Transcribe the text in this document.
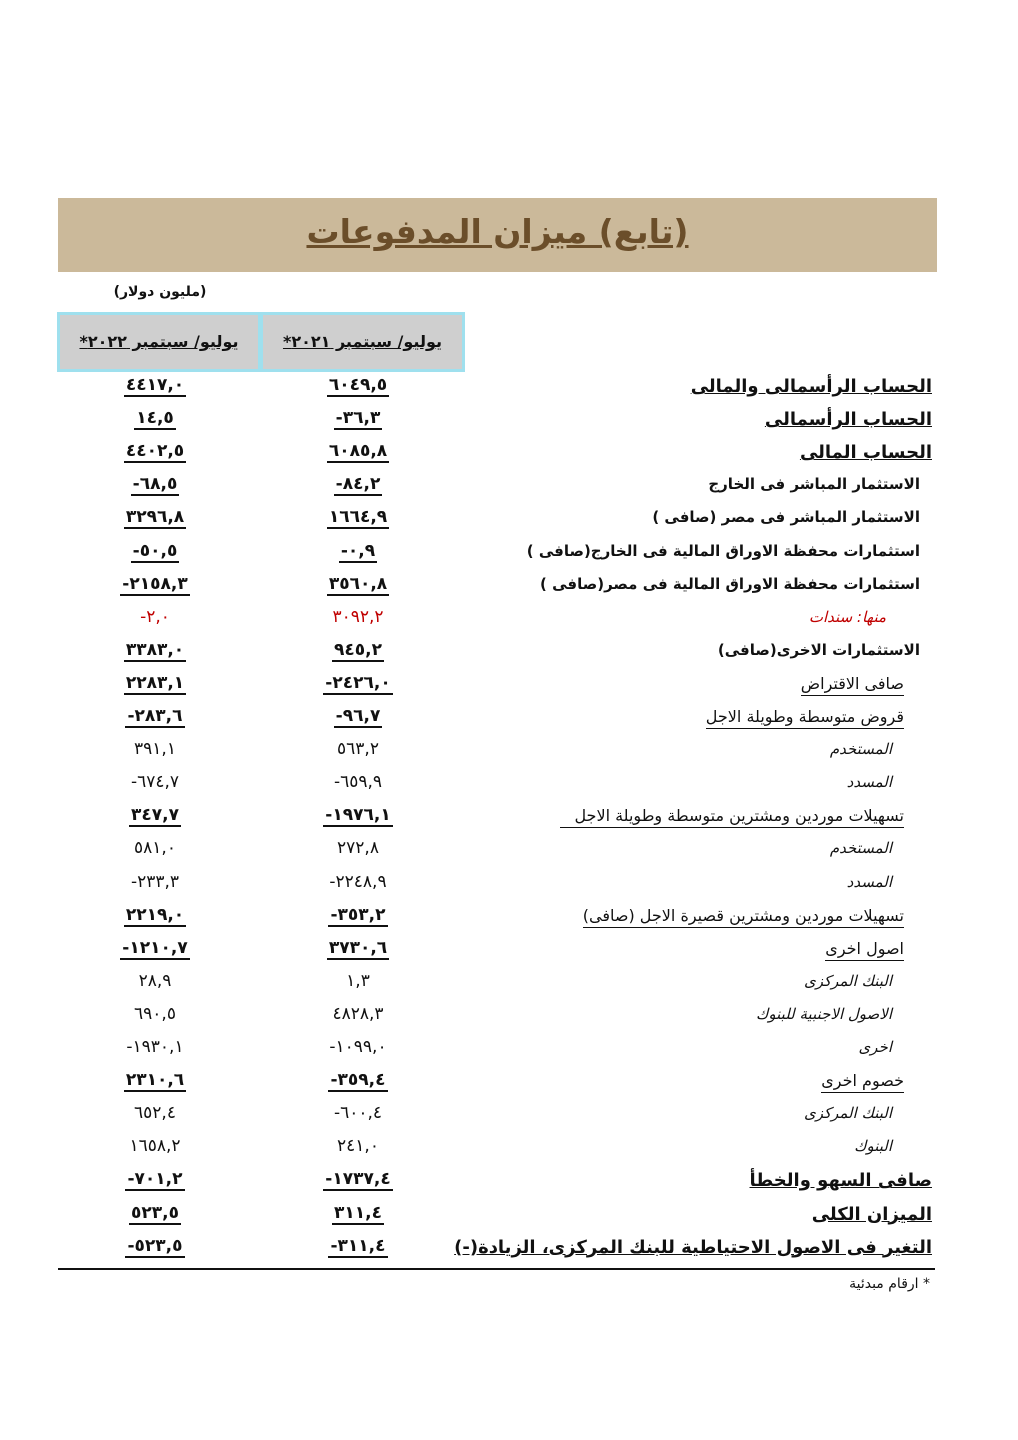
(تابع) ميزان المدفوعات
(مليون دولار)
يوليو/ سبتمبر ٢٠٢١*
يوليو/ سبتمبر ٢٠٢٢*
الحساب الرأسمالى والمالى
٦٠٤٩,٥
٤٤١٧,٠
الحساب الرأسمالى
٣٦,٣-
١٤,٥
الحساب المالى
٦٠٨٥,٨
٤٤٠٢,٥
الاستثمار المباشر فى الخارج
٨٤,٢-
٦٨,٥-
الاستثمار المباشر فى مصر (صافى )
١٦٦٤,٩
٣٢٩٦,٨
استثمارات محفظة الاوراق المالية فى الخارج(صافى )
٠,٩-
٥٠,٥-
استثمارات محفظة الاوراق المالية فى مصر(صافى )
٣٥٦٠,٨
٢١٥٨,٣-
منها: سندات
٣٠٩٢,٢
٢,٠-
الاستثمارات الاخرى(صافى)
٩٤٥,٢
٣٣٨٣,٠
صافى الاقتراض
٢٤٢٦,٠-
٢٢٨٣,١
قروض متوسطة وطويلة الاجل
٩٦,٧-
٢٨٣,٦-
المستخدم
٥٦٣,٢
٣٩١,١
المسدد
٦٥٩,٩-
٦٧٤,٧-
تسهيلات موردين ومشترين متوسطة وطويلة الاجل
١٩٧٦,١-
٣٤٧,٧
المستخدم
٢٧٢,٨
٥٨١,٠
المسدد
٢٢٤٨,٩-
٢٣٣,٣-
تسهيلات موردين ومشترين قصيرة الاجل (صافى)
٣٥٣,٢-
٢٢١٩,٠
اصول اخرى
٣٧٣٠,٦
١٢١٠,٧-
البنك المركزى
١,٣
٢٨,٩
الاصول الاجنبية للبنوك
٤٨٢٨,٣
٦٩٠,٥
اخرى
١٠٩٩,٠-
١٩٣٠,١-
خصوم اخرى
٣٥٩,٤-
٢٣١٠,٦
البنك المركزى
٦٠٠,٤-
٦٥٢,٤
البنوك
٢٤١,٠
١٦٥٨,٢
صافى السهو والخطأ
١٧٣٧,٤-
٧٠١,٢-
الميزان الكلى
٣١١,٤
٥٢٣,٥
التغير فى الاصول الاحتياطية للبنك المركزى، الزيادة(-)
٣١١,٤-
٥٢٣,٥-
* ارقام مبدئية
